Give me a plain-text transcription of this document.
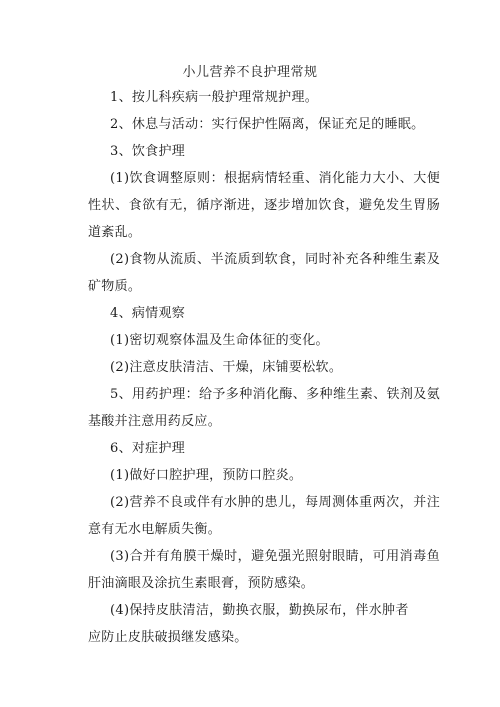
小儿营养不良护理常规

1、按儿科疾病一般护理常规护理。

2、休息与活动：实行保护性隔离，保证充足的睡眠。

3、饮食护理

(1)饮食调整原则：根据病情轻重、消化能力大小、大便性状、食欲有无，循序渐进，逐步增加饮食，避免发生胃肠道紊乱。

(2)食物从流质、半流质到软食，同时补充各种维生素及矿物质。

4、病情观察

(1)密切观察体温及生命体征的变化。

(2)注意皮肤清洁、干燥，床铺要松软。

5、用药护理：给予多种消化酶、多种维生素、铁剂及氨基酸并注意用药反应。

6、对症护理

(1)做好口腔护理，预防口腔炎。

(2)营养不良或伴有水肿的患儿，每周测体重两次，并注意有无水电解质失衡。

(3)合并有角膜干燥时，避免强光照射眼睛，可用消毒鱼肝油滴眼及涂抗生素眼膏，预防感染。

(4)保持皮肤清洁，勤换衣服，勤换尿布，伴水肿者

应防止皮肤破损继发感染。
